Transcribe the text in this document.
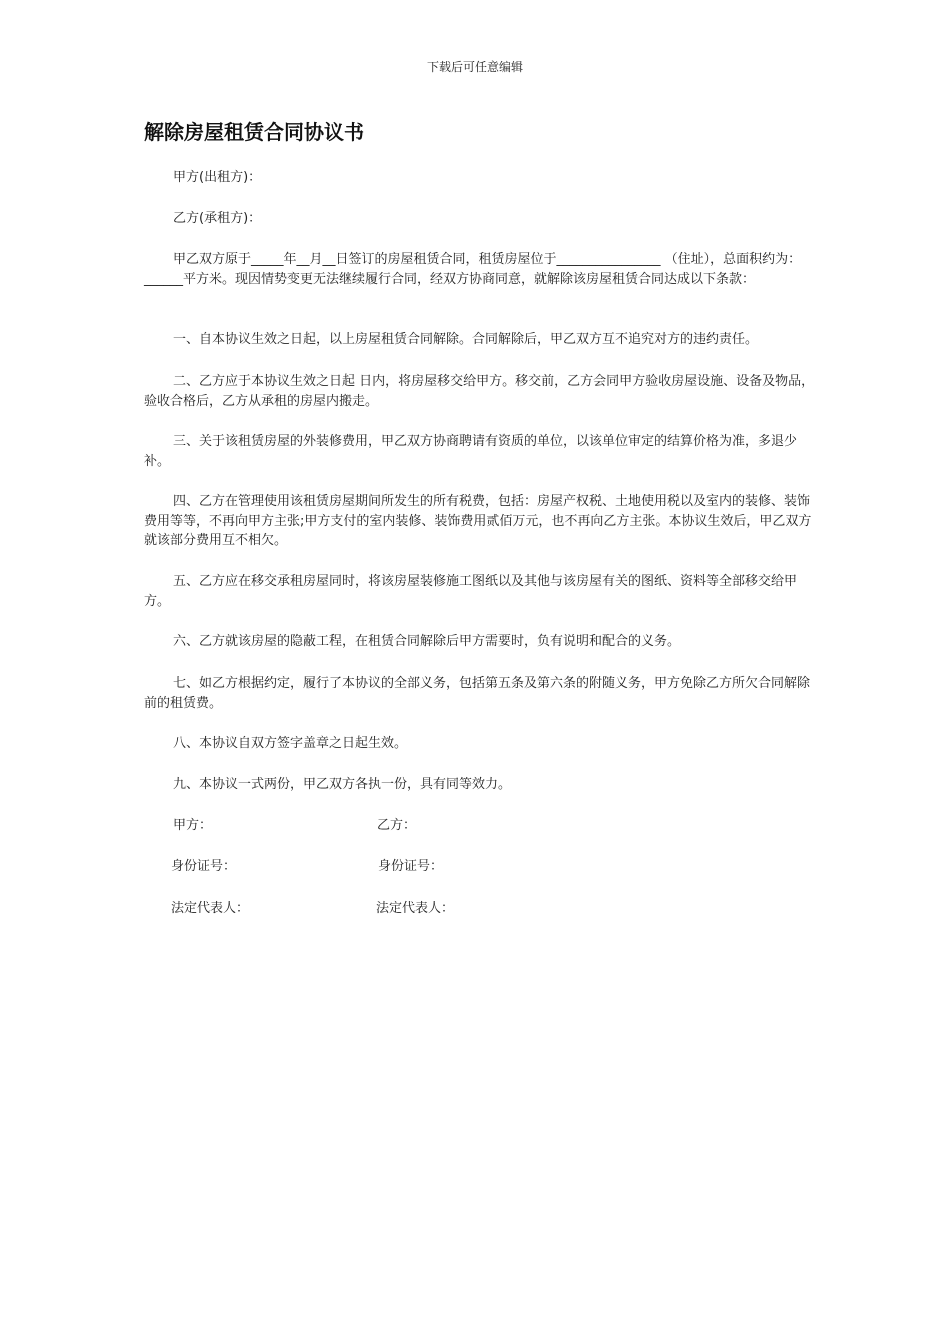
下载后可任意编辑
解除房屋租赁合同协议书

甲方(出租方)：

乙方(承租方)：

甲乙双方原于_____年__月__日签订的房屋租赁合同，租赁房屋位于________________ （住址），总面积约为：______平方米。现因情势变更无法继续履行合同，经双方协商同意，就解除该房屋租赁合同达成以下条款：

一、自本协议生效之日起，以上房屋租赁合同解除。合同解除后，甲乙双方互不追究对方的违约责任。

二、乙方应于本协议生效之日起 日内，将房屋移交给甲方。移交前，乙方会同甲方验收房屋设施、设备及物品，验收合格后，乙方从承租的房屋内搬走。

三、关于该租赁房屋的外装修费用，甲乙双方协商聘请有资质的单位，以该单位审定的结算价格为准，多退少补。

四、乙方在管理使用该租赁房屋期间所发生的所有税费，包括：房屋产权税、土地使用税以及室内的装修、装饰费用等等，不再向甲方主张;甲方支付的室内装修、装饰费用贰佰万元，也不再向乙方主张。本协议生效后，甲乙双方就该部分费用互不相欠。

五、乙方应在移交承租房屋同时，将该房屋装修施工图纸以及其他与该房屋有关的图纸、资料等全部移交给甲方。

六、乙方就该房屋的隐蔽工程，在租赁合同解除后甲方需要时，负有说明和配合的义务。

七、如乙方根据约定，履行了本协议的全部义务，包括第五条及第六条的附随义务，甲方免除乙方所欠合同解除前的租赁费。

八、本协议自双方签字盖章之日起生效。

九、本协议一式两份，甲乙双方各执一份，具有同等效力。

甲方：	乙方：
身份证号：	身份证号：
法定代表人：	法定代表人：
